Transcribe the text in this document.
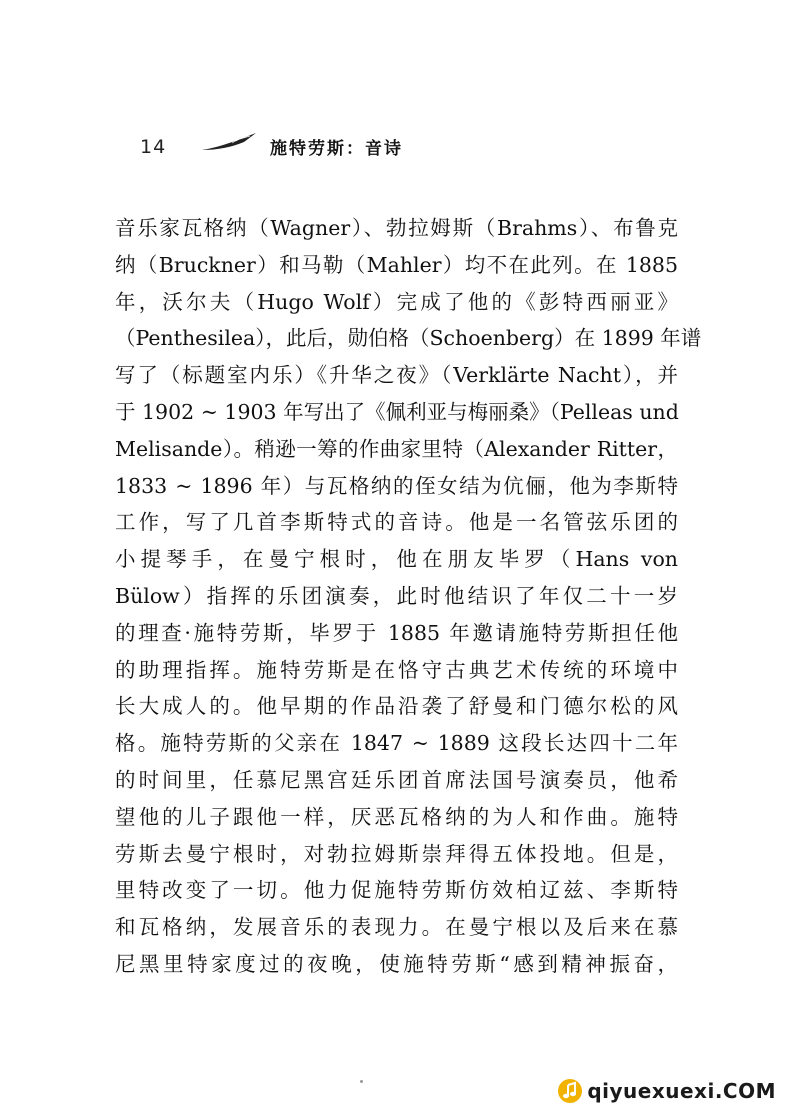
14	施特劳斯：音诗
音乐家瓦格纳（Wagner）、勃拉姆斯（Brahms）、布鲁克
纳（Bruckner）和马勒（Mahler）均不在此列。在 1885
年，沃尔夫（Hugo Wolf）完成了他的《彭特西丽亚》
（Penthesilea），此后，勋伯格（Schoenberg）在 1899 年谱
写了（标题室内乐）《升华之夜》（Verklärte Nacht），并
于 1902 ~ 1903 年写出了《佩利亚与梅丽桑》（Pelleas und
Melisande）。稍逊一筹的作曲家里特（Alexander Ritter，
1833 ~ 1896 年）与瓦格纳的侄女结为伉俪，他为李斯特
工作，写了几首李斯特式的音诗。他是一名管弦乐团的
小提琴手，在曼宁根时，他在朋友毕罗（Hans von
Bülow）指挥的乐团演奏，此时他结识了年仅二十一岁
的理查·施特劳斯，毕罗于 1885 年邀请施特劳斯担任他
的助理指挥。施特劳斯是在恪守古典艺术传统的环境中
长大成人的。他早期的作品沿袭了舒曼和门德尔松的风
格。施特劳斯的父亲在 1847 ~ 1889 这段长达四十二年
的时间里，任慕尼黑宫廷乐团首席法国号演奏员，他希
望他的儿子跟他一样，厌恶瓦格纳的为人和作曲。施特
劳斯去曼宁根时，对勃拉姆斯崇拜得五体投地。但是，
里特改变了一切。他力促施特劳斯仿效柏辽兹、李斯特
和瓦格纳，发展音乐的表现力。在曼宁根以及后来在慕
尼黑里特家度过的夜晚，使施特劳斯“感到精神振奋，
qiyuexuexi.COM
